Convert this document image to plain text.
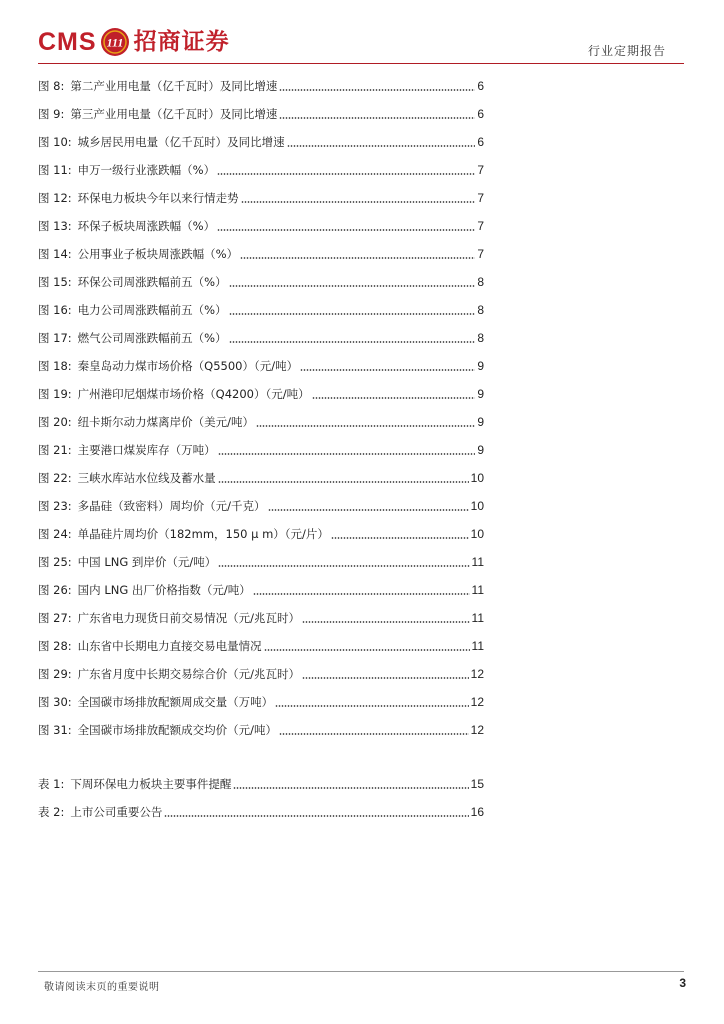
CMS 111 招商证券	行业定期报告
图 8: 第二产业用电量（亿千瓦时）及同比增速	6
图 9: 第三产业用电量（亿千瓦时）及同比增速	6
图 10: 城乡居民用电量（亿千瓦时）及同比增速	6
图 11: 申万一级行业涨跌幅（%）	7
图 12: 环保电力板块今年以来行情走势	7
图 13: 环保子板块周涨跌幅（%）	7
图 14: 公用事业子板块周涨跌幅（%）	7
图 15: 环保公司周涨跌幅前五（%）	8
图 16: 电力公司周涨跌幅前五（%）	8
图 17: 燃气公司周涨跌幅前五（%）	8
图 18: 秦皇岛动力煤市场价格（Q5500）（元/吨）	9
图 19: 广州港印尼烟煤市场价格（Q4200）（元/吨）	9
图 20: 纽卡斯尔动力煤离岸价（美元/吨）	9
图 21: 主要港口煤炭库存（万吨）	9
图 22: 三峡水库站水位线及蓄水量	10
图 23: 多晶硅（致密料）周均价（元/千克）	10
图 24: 单晶硅片周均价（182mm，150 μ m）（元/片）	10
图 25: 中国 LNG 到岸价（元/吨）	11
图 26: 国内 LNG 出厂价格指数（元/吨）	11
图 27: 广东省电力现货日前交易情况（元/兆瓦时）	11
图 28: 山东省中长期电力直接交易电量情况	11
图 29: 广东省月度中长期交易综合价（元/兆瓦时）	12
图 30: 全国碳市场排放配额周成交量（万吨）	12
图 31: 全国碳市场排放配额成交均价（元/吨）	12
表 1: 下周环保电力板块主要事件提醒	15
表 2: 上市公司重要公告	16
敬请阅读末页的重要说明	3
